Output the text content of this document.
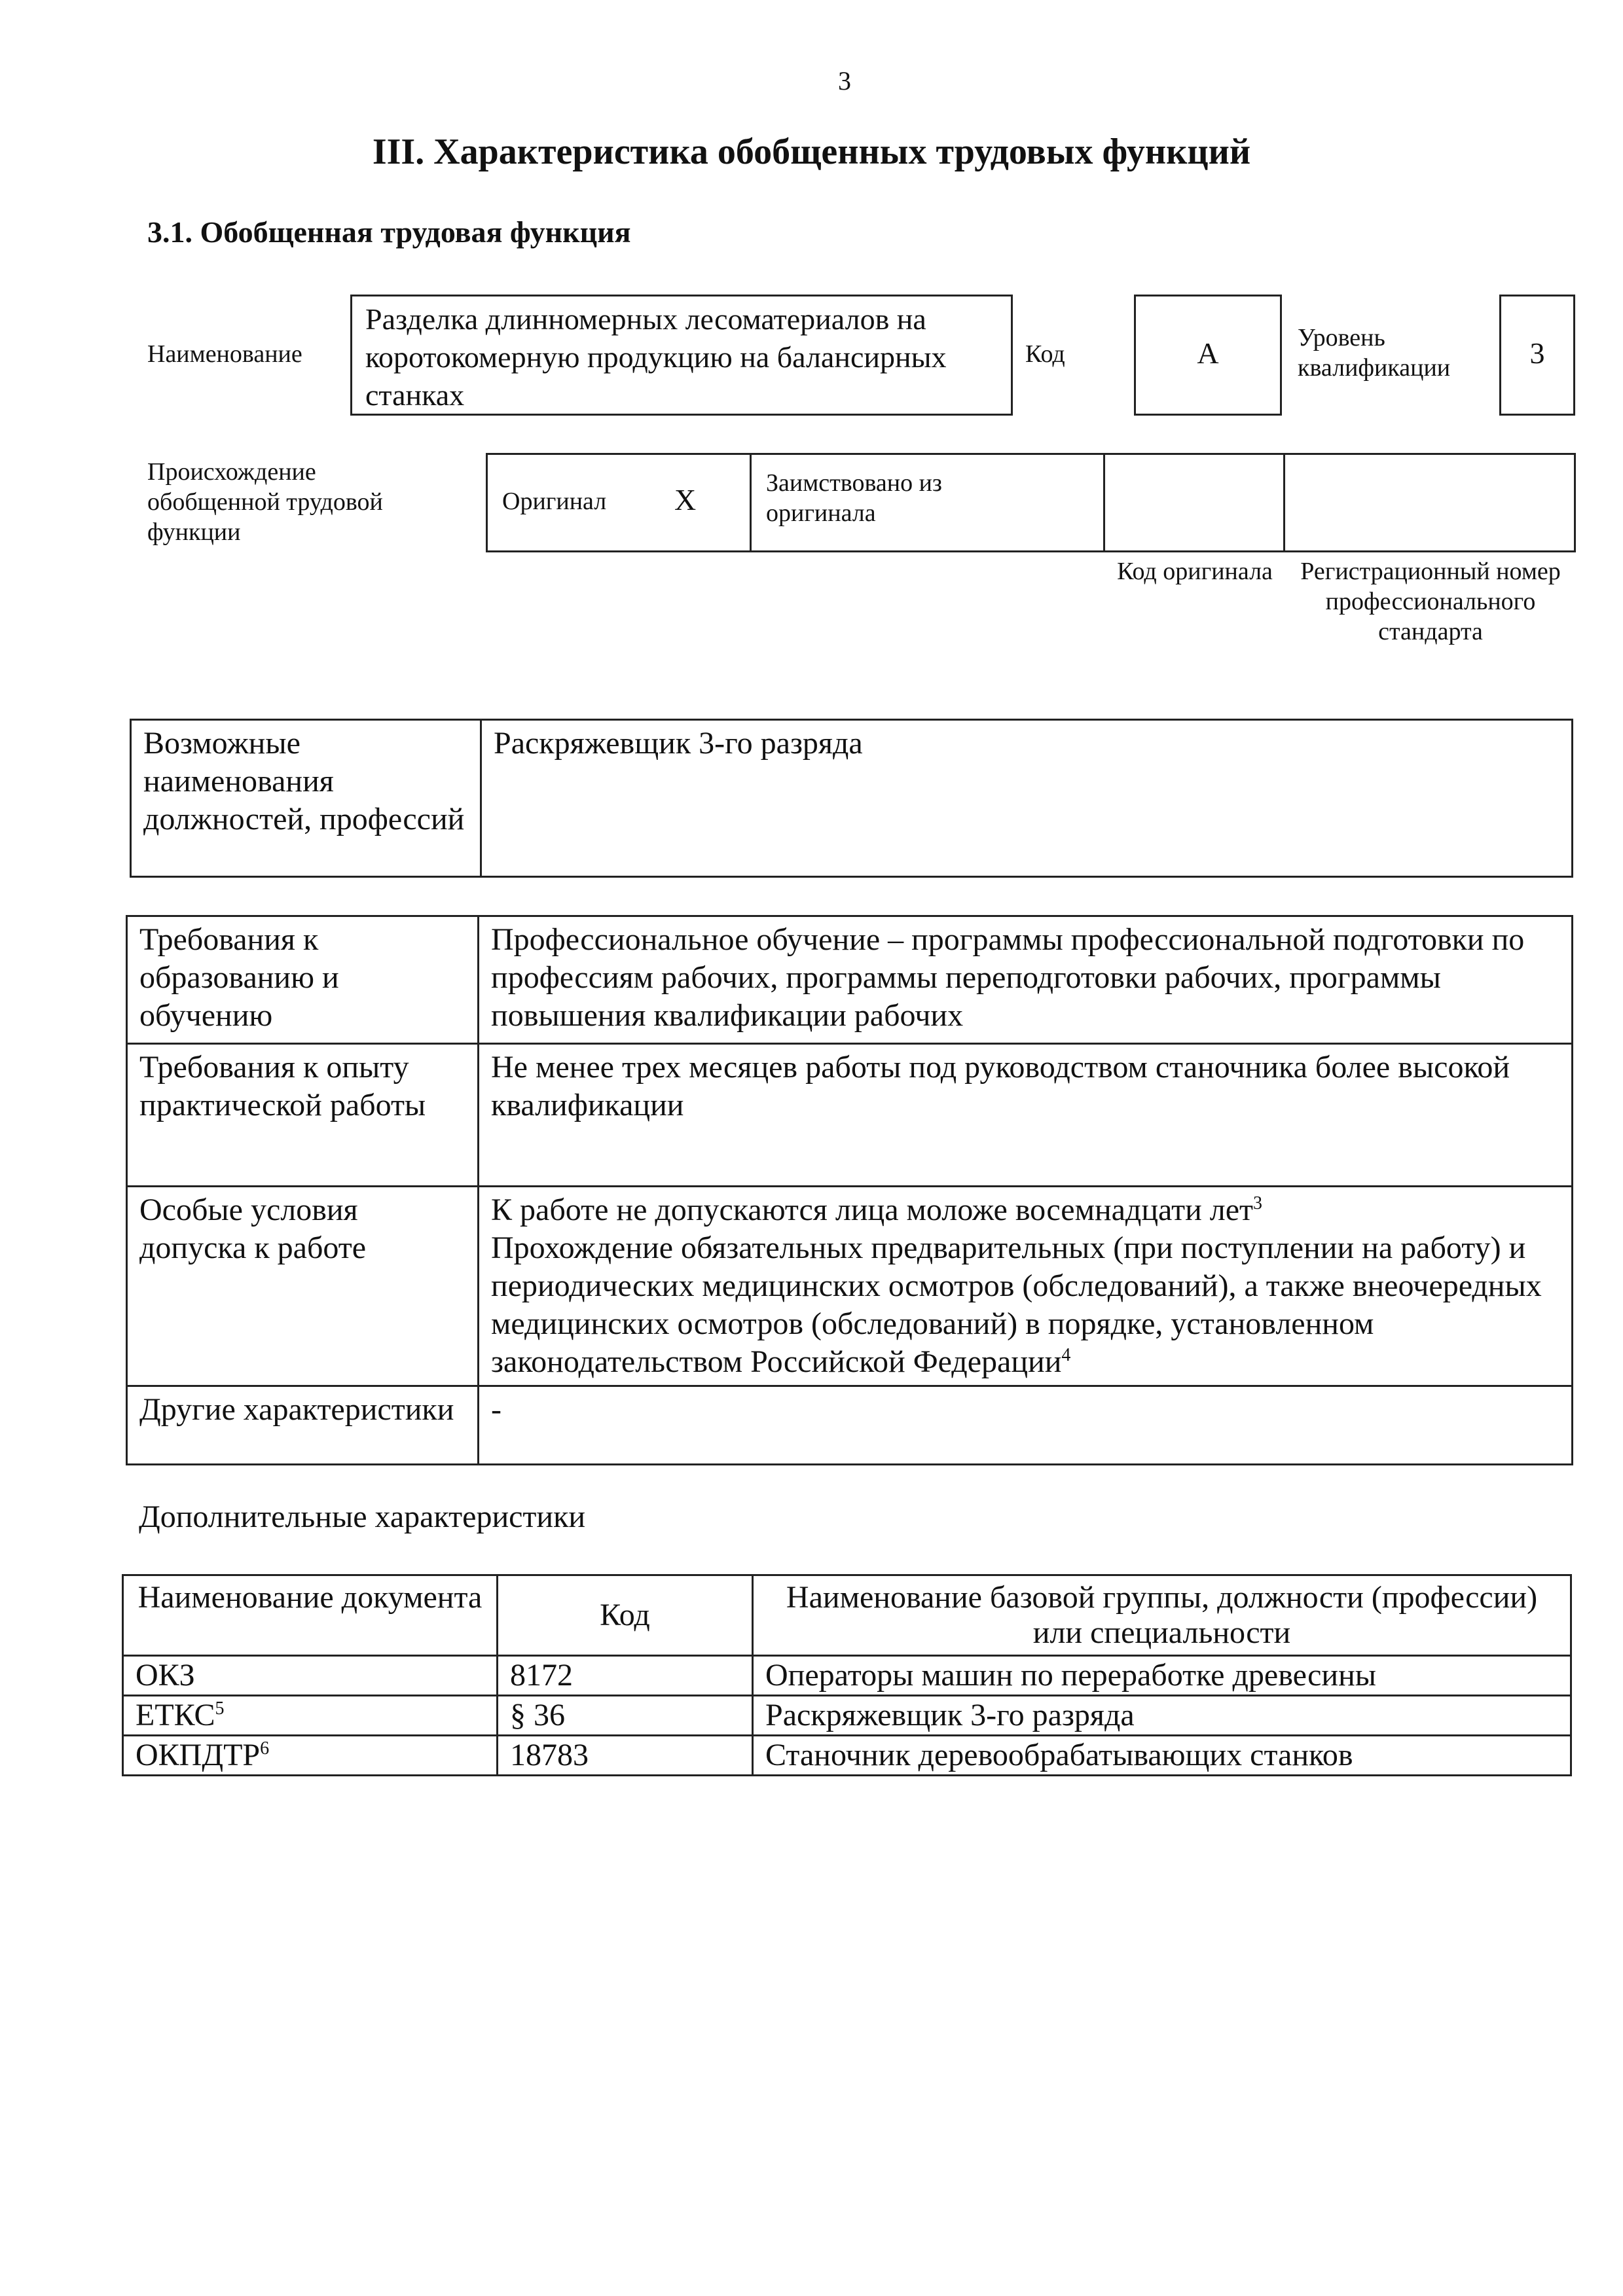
3
III. Характеристика обобщенных трудовых функций
3.1. Обобщенная трудовая функция
Наименование
Разделка длинномерных лесоматериалов на коротокомерную продукцию на балансирных станках
Код	А	Уровень квалификации	3
Происхождение обобщенной трудовой функции
Оригинал Х	Заимствовано из оригинала
Код оригинала Регистрационный номер профессионального стандарта
Возможные наименования должностей, профессий	Раскряжевщик 3-го разряда
Требования к образованию и обучению	Профессиональное обучение – программы профессиональной подготовки по профессиям рабочих, программы переподготовки рабочих, программы повышения квалификации рабочих
Требования к опыту практической работы	Не менее трех месяцев работы под руководством станочника более высокой квалификации
Особые условия допуска к работе	К работе не допускаются лица моложе восемнадцати лет$^3$
Прохождение обязательных предварительных (при поступлении на работу) и периодических медицинских осмотров (обследований), а также внеочередных медицинских осмотров (обследований) в порядке, установленном законодательством Российской Федерации$^4$
Другие характеристики	-
Дополнительные характеристики
Наименование документа	Код	Наименование базовой группы, должности (профессии) или специальности
ОКЗ	8172	Операторы машин по переработке древесины
ЕТКС$^5$	§ 36	Раскряжевщик 3-го разряда
ОКПДТР$^6$	18783	Станочник деревообрабатывающих станков
